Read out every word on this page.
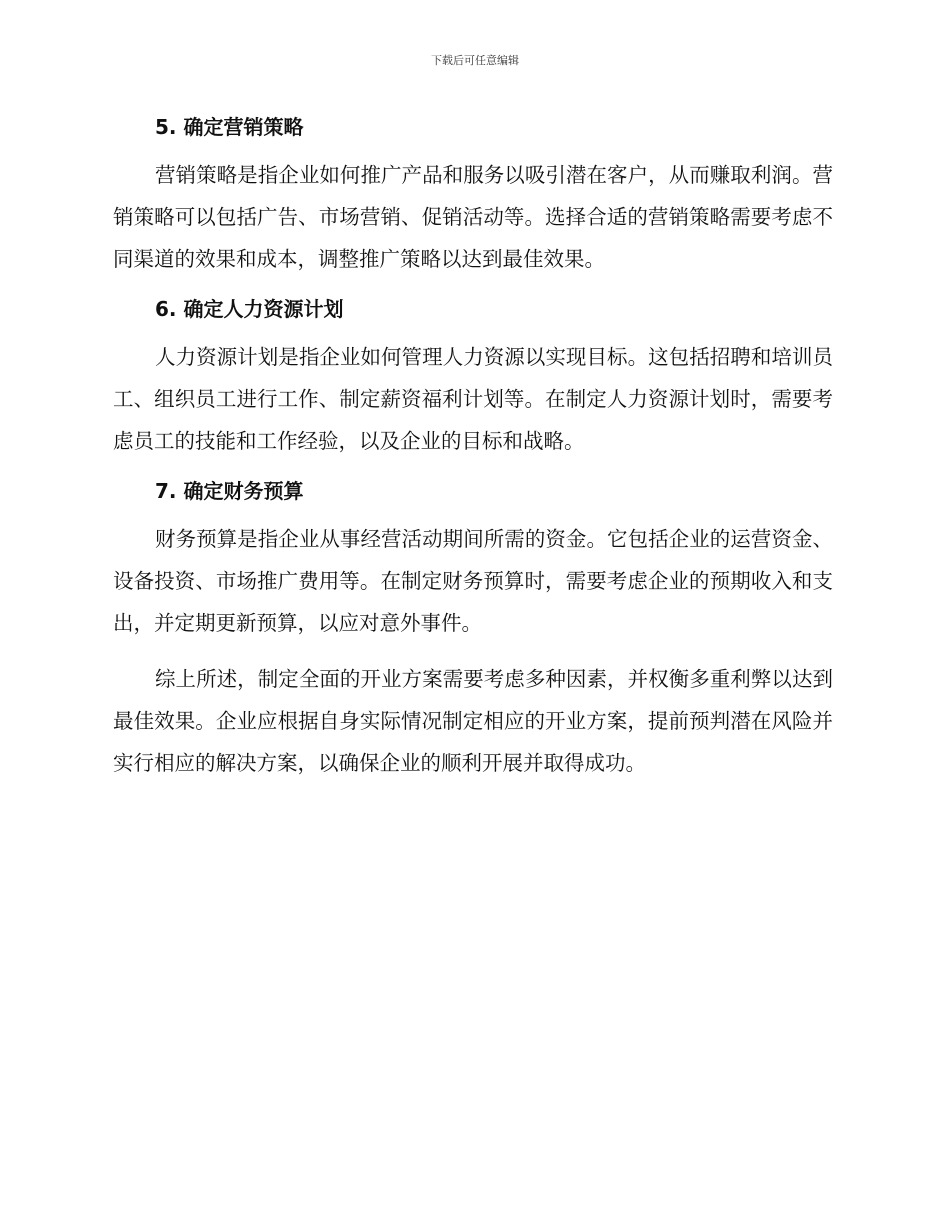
下载后可任意编辑
5. 确定营销策略

营销策略是指企业如何推广产品和服务以吸引潜在客户，从而赚取利润。营销策略可以包括广告、市场营销、促销活动等。选择合适的营销策略需要考虑不同渠道的效果和成本，调整推广策略以达到最佳效果。

6. 确定人力资源计划

人力资源计划是指企业如何管理人力资源以实现目标。这包括招聘和培训员工、组织员工进行工作、制定薪资福利计划等。在制定人力资源计划时，需要考虑员工的技能和工作经验，以及企业的目标和战略。

7. 确定财务预算

财务预算是指企业从事经营活动期间所需的资金。它包括企业的运营资金、设备投资、市场推广费用等。在制定财务预算时，需要考虑企业的预期收入和支出，并定期更新预算，以应对意外事件。

综上所述，制定全面的开业方案需要考虑多种因素，并权衡多重利弊以达到最佳效果。企业应根据自身实际情况制定相应的开业方案，提前预判潜在风险并实行相应的解决方案，以确保企业的顺利开展并取得成功。
